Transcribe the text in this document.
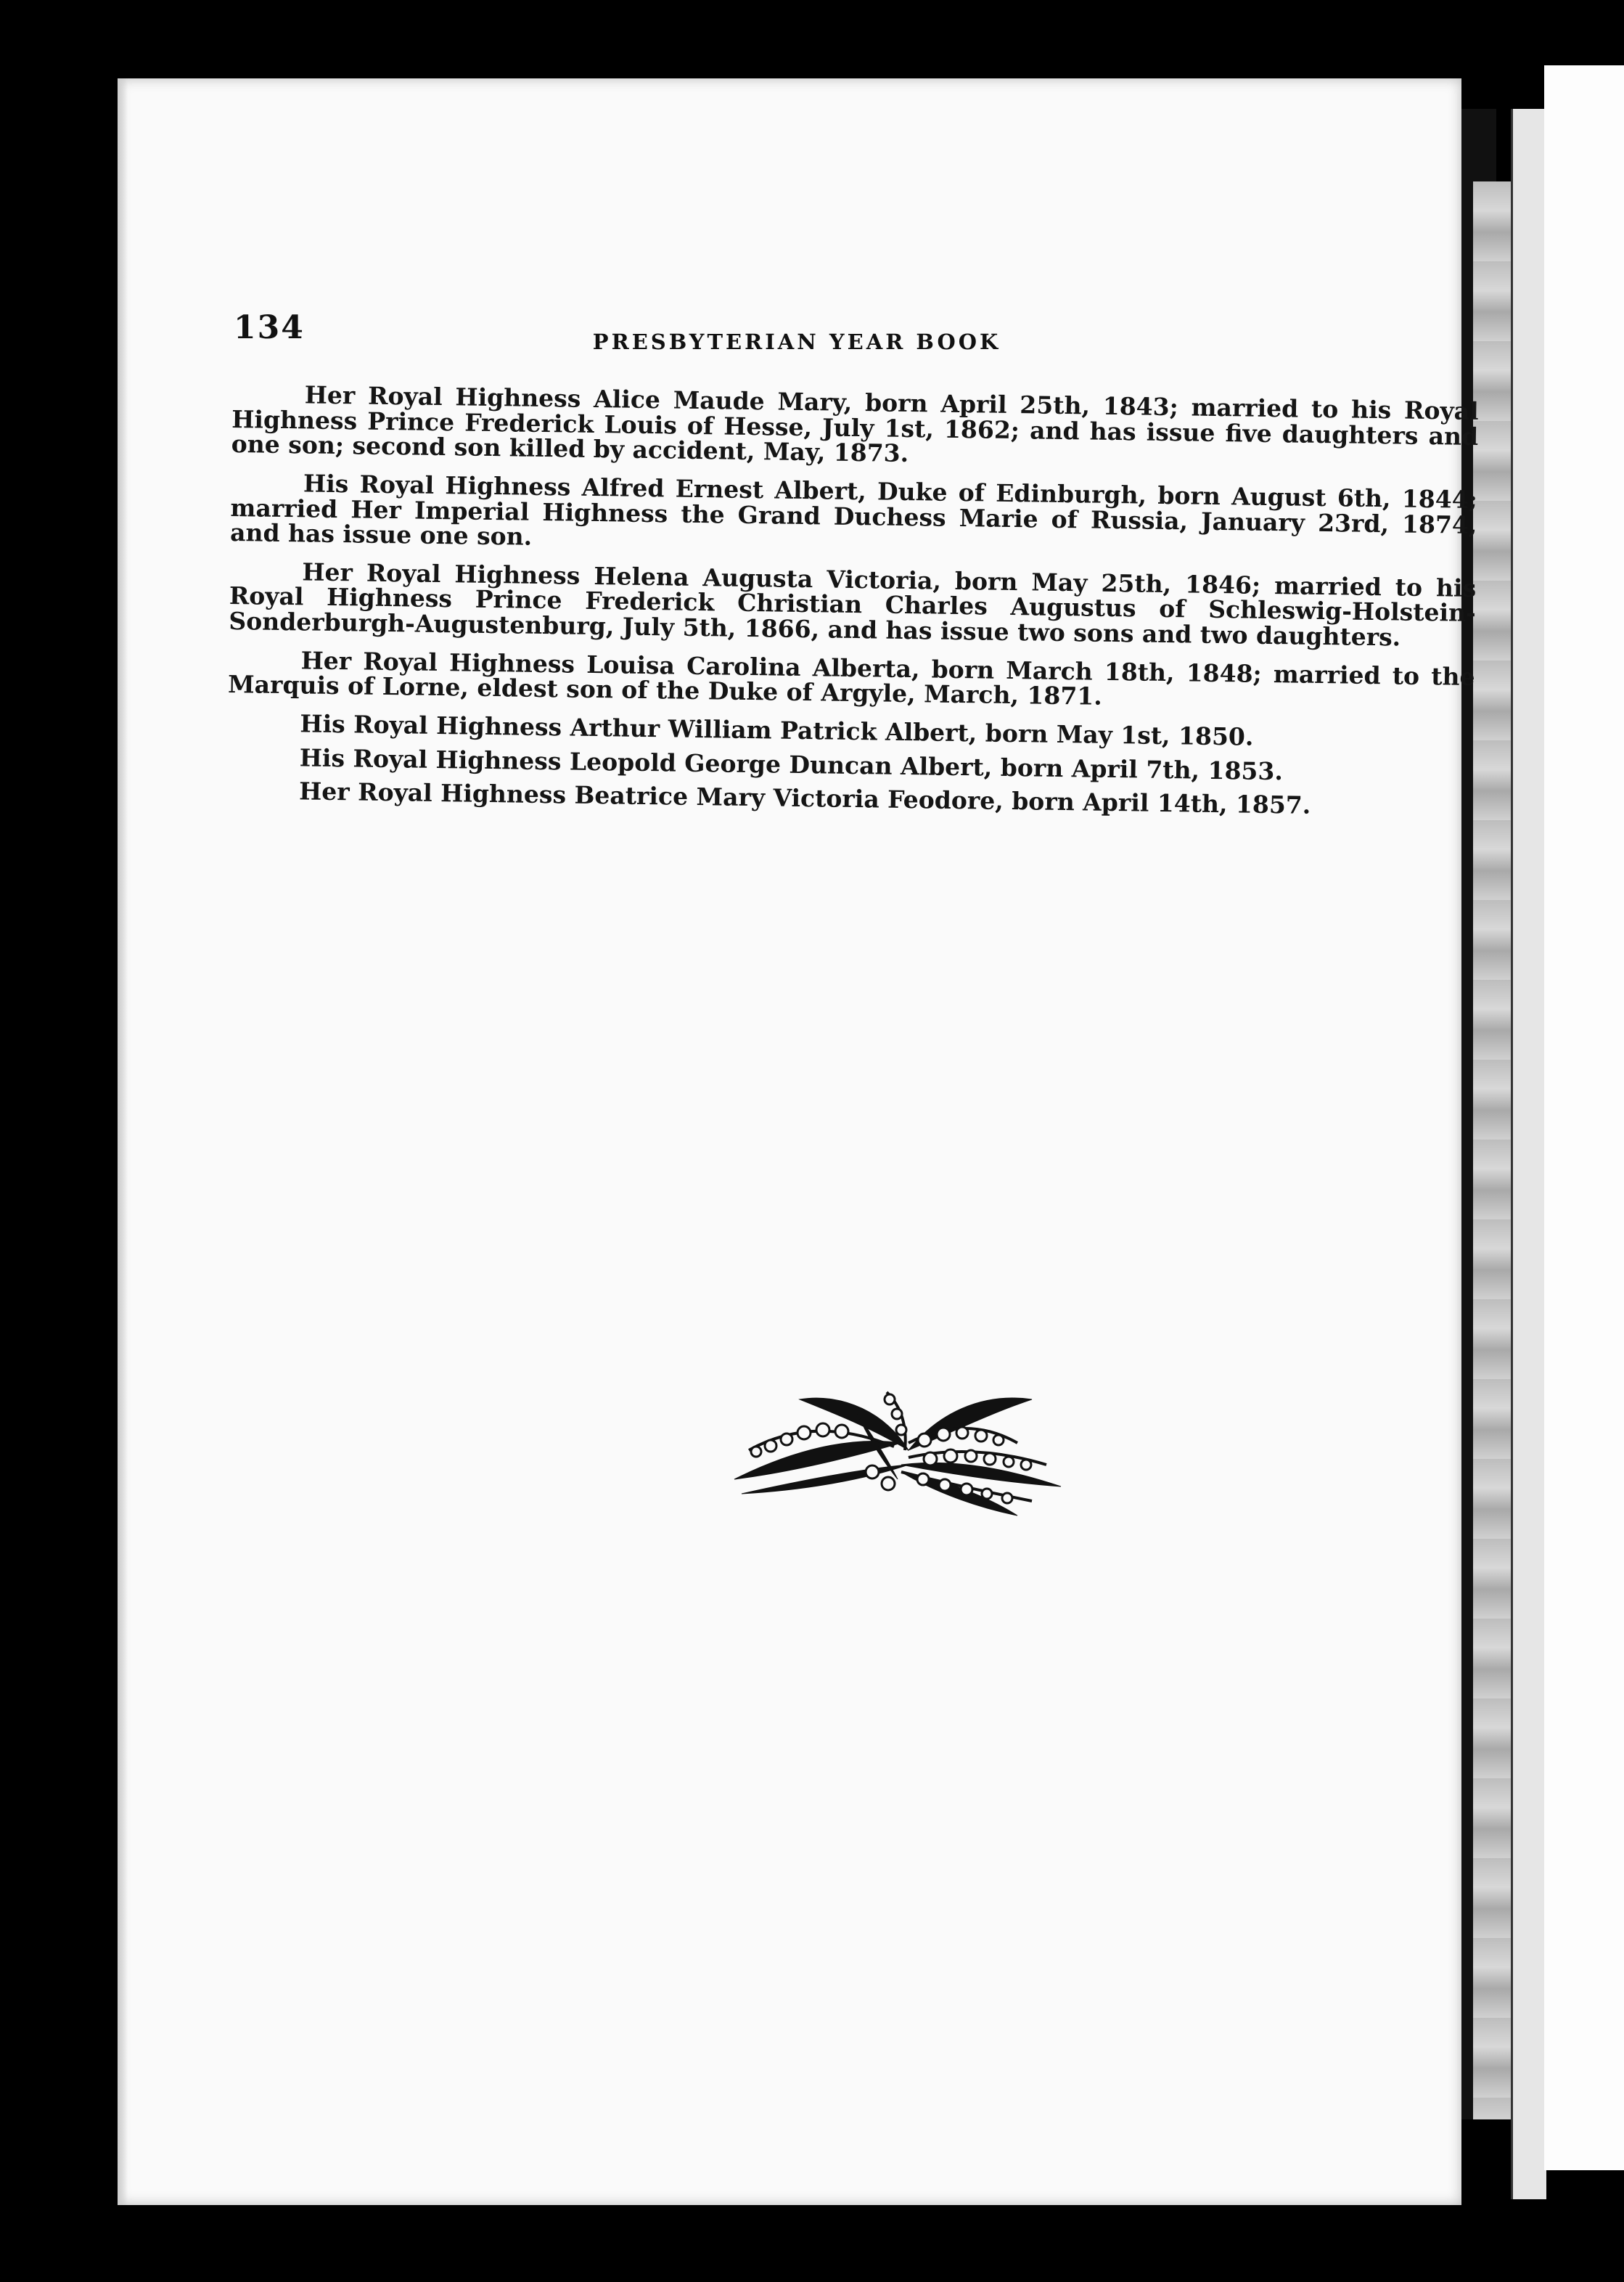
134	PRESBYTERIAN YEAR BOOK

Her Royal Highness Alice Maude Mary, born April 25th, 1843; married to his Royal Highness Prince Frederick Louis of Hesse, July 1st, 1862; and has issue five daughters and one son; second son killed by accident, May, 1873.

His Royal Highness Alfred Ernest Albert, Duke of Edinburgh, born August 6th, 1844; married Her Imperial Highness the Grand Duchess Marie of Russia, January 23rd, 1874, and has issue one son.

Her Royal Highness Helena Augusta Victoria, born May 25th, 1846; married to his Royal Highness Prince Frederick Christian Charles Augustus of Schleswig-Holstein-Sonderburgh-Augustenburg, July 5th, 1866, and has issue two sons and two daughters.

Her Royal Highness Louisa Carolina Alberta, born March 18th, 1848; married to the Marquis of Lorne, eldest son of the Duke of Argyle, March, 1871.

His Royal Highness Arthur William Patrick Albert, born May 1st, 1850.

His Royal Highness Leopold George Duncan Albert, born April 7th, 1853.

Her Royal Highness Beatrice Mary Victoria Feodore, born April 14th, 1857.
